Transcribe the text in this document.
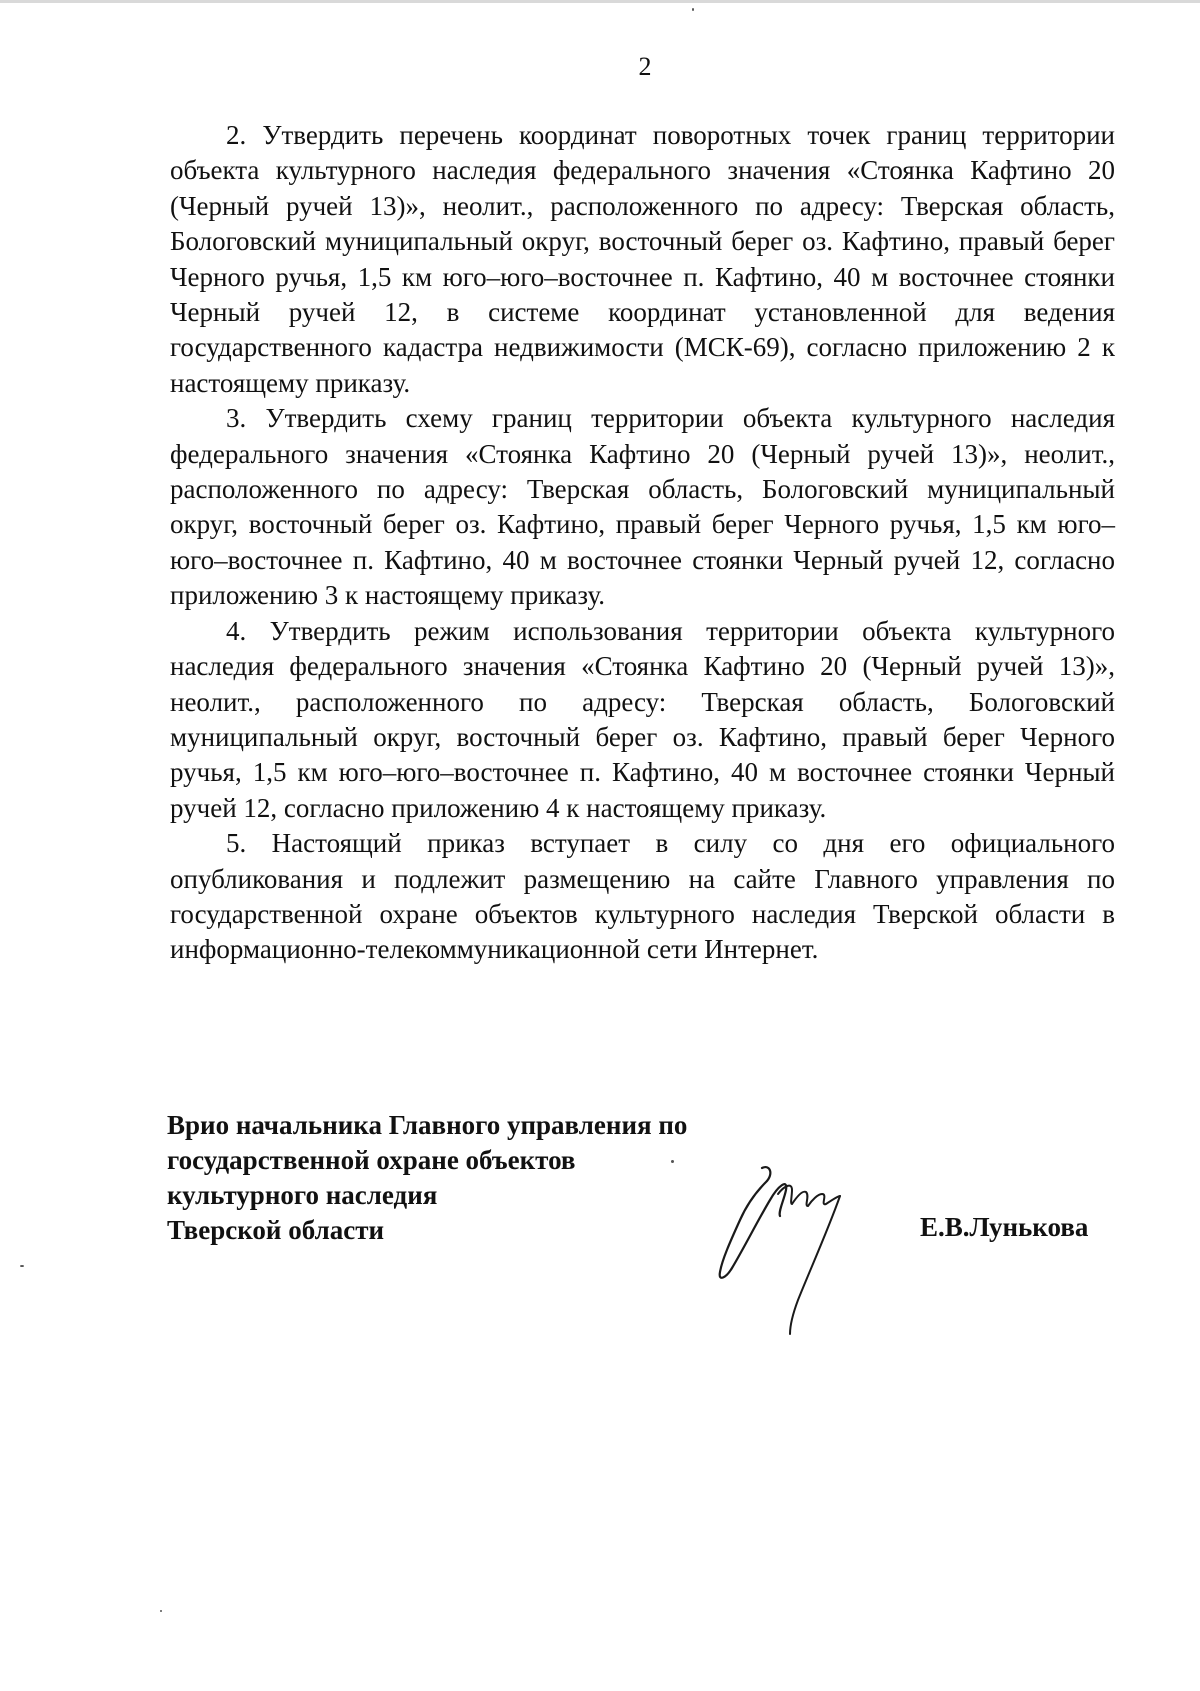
2

2. Утвердить перечень координат поворотных точек границ территории объекта культурного наследия федерального значения «Стоянка Кафтино 20 (Черный ручей 13)», неолит., расположенного по адресу: Тверская область, Бологовский муниципальный округ, восточный берег оз. Кафтино, правый берег Черного ручья, 1,5 км юго–юго–восточнее п. Кафтино, 40 м восточнее стоянки Черный ручей 12, в системе координат установленной для ведения государственного кадастра недвижимости (МСК-69), согласно приложению 2 к настоящему приказу.

3. Утвердить схему границ территории объекта культурного наследия федерального значения «Стоянка Кафтино 20 (Черный ручей 13)», неолит., расположенного по адресу: Тверская область, Бологовский муниципальный округ, восточный берег оз. Кафтино, правый берег Черного ручья, 1,5 км юго–юго–восточнее п. Кафтино, 40 м восточнее стоянки Черный ручей 12, согласно приложению 3 к настоящему приказу.

4. Утвердить режим использования территории объекта культурного наследия федерального значения «Стоянка Кафтино 20 (Черный ручей 13)», неолит., расположенного по адресу: Тверская область, Бологовский муниципальный округ, восточный берег оз. Кафтино, правый берег Черного ручья, 1,5 км юго–юго–восточнее п. Кафтино, 40 м восточнее стоянки Черный ручей 12, согласно приложению 4 к настоящему приказу.

5. Настоящий приказ вступает в силу со дня его официального опубликования и подлежит размещению на сайте Главного управления по государственной охране объектов культурного наследия Тверской области в информационно-телекоммуникационной сети Интернет.

Врио начальника Главного управления по
государственной охране объектов
культурного наследия
Тверской области	Е.В.Лунькова
